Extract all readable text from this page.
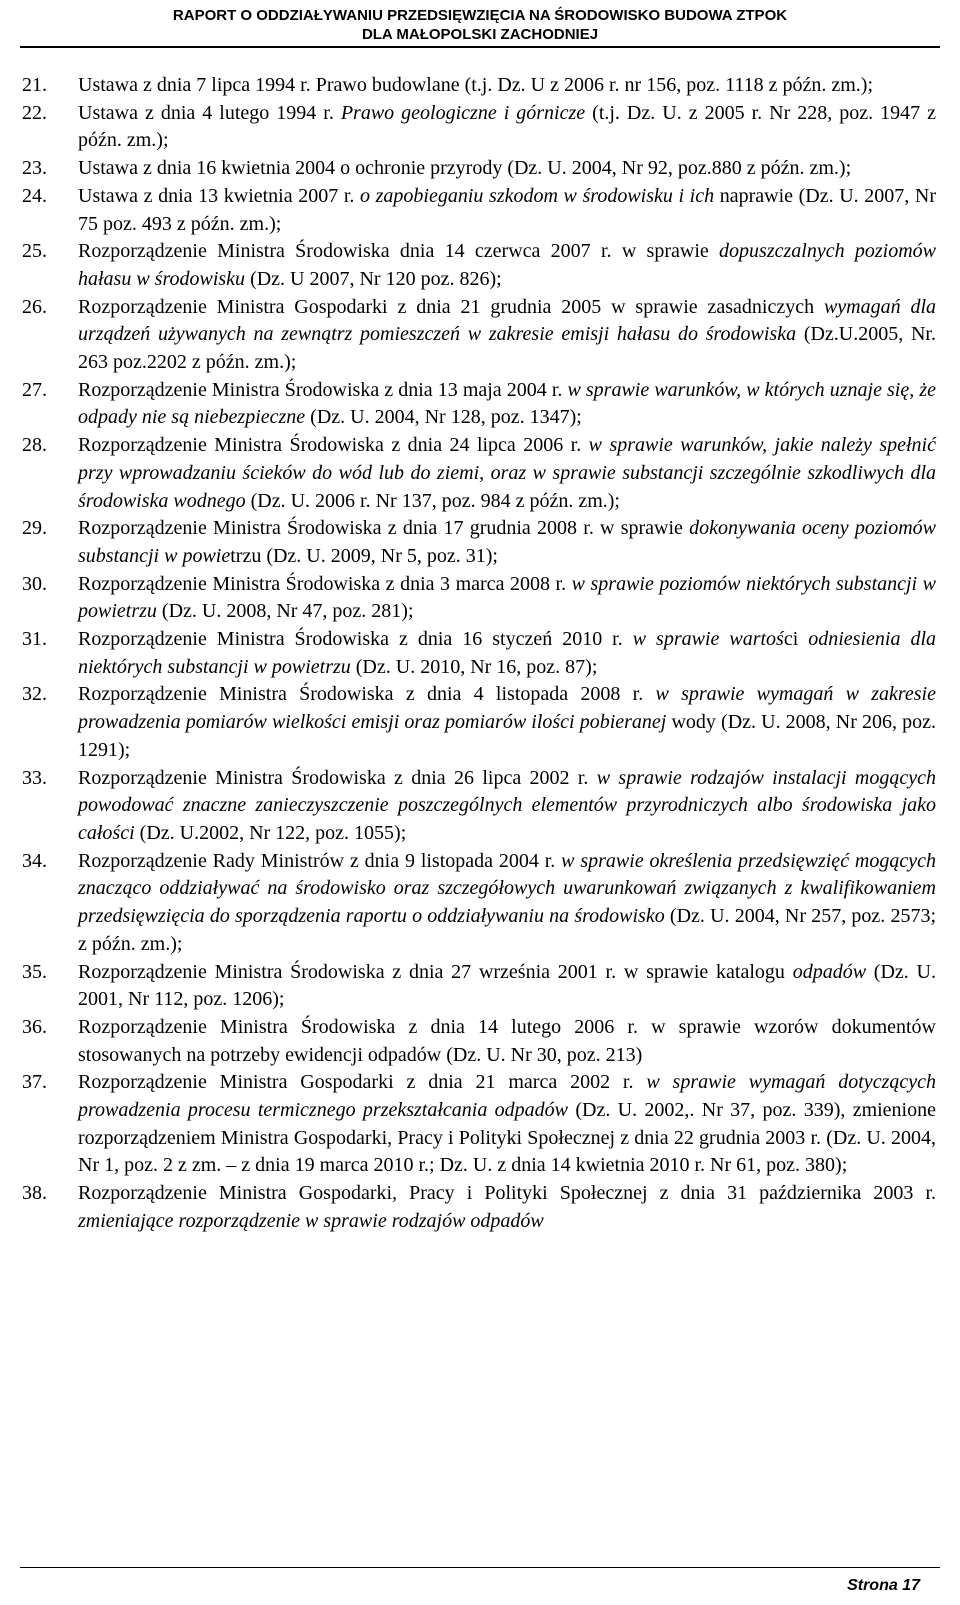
RAPORT O ODDZIAŁYWANIU PRZEDSIĘWZIĘCIA NA ŚRODOWISKO BUDOWA ZTPOK
DLA MAŁOPOLSKI ZACHODNIEJ
21.	Ustawa z dnia 7 lipca 1994 r. Prawo budowlane (t.j. Dz. U z 2006 r. nr 156, poz. 1118 z późn. zm.);
22.	Ustawa z dnia 4 lutego 1994 r. Prawo geologiczne i górnicze (t.j. Dz. U. z 2005 r. Nr 228, poz. 1947 z późn. zm.);
23.	Ustawa z dnia 16 kwietnia 2004 o ochronie przyrody (Dz. U. 2004, Nr 92, poz.880 z późn. zm.);
24.	Ustawa z dnia 13 kwietnia 2007 r. o zapobieganiu szkodom w środowisku i ich naprawie (Dz. U. 2007, Nr 75 poz. 493 z późn. zm.);
25.	Rozporządzenie Ministra Środowiska dnia 14 czerwca 2007 r. w sprawie dopuszczalnych poziomów hałasu w środowisku (Dz. U 2007, Nr 120 poz. 826);
26.	Rozporządzenie Ministra Gospodarki z dnia 21 grudnia 2005 w sprawie zasadniczych wymagań dla urządzeń używanych na zewnątrz pomieszczeń w zakresie emisji hałasu do środowiska (Dz.U.2005, Nr. 263 poz.2202 z późn. zm.);
27.	Rozporządzenie Ministra Środowiska z dnia 13 maja 2004 r. w sprawie warunków, w których uznaje się, że odpady nie są niebezpieczne (Dz. U. 2004, Nr 128, poz. 1347);
28.	Rozporządzenie Ministra Środowiska z dnia 24 lipca 2006 r. w sprawie warunków, jakie należy spełnić przy wprowadzaniu ścieków do wód lub do ziemi, oraz w sprawie substancji szczególnie szkodliwych dla środowiska wodnego (Dz. U. 2006 r. Nr 137, poz. 984 z późn. zm.);
29.	Rozporządzenie Ministra Środowiska z dnia 17 grudnia 2008 r. w sprawie dokonywania oceny poziomów substancji w powietrzu (Dz. U. 2009, Nr 5, poz. 31);
30.	Rozporządzenie Ministra Środowiska z dnia 3 marca 2008 r. w sprawie poziomów niektórych substancji w powietrzu (Dz. U. 2008, Nr 47, poz. 281);
31.	Rozporządzenie Ministra Środowiska z dnia 16 styczeń 2010 r. w sprawie wartości odniesienia dla niektórych substancji w powietrzu (Dz. U. 2010, Nr 16, poz. 87);
32.	Rozporządzenie Ministra Środowiska z dnia 4 listopada 2008 r. w sprawie wymagań w zakresie prowadzenia pomiarów wielkości emisji oraz pomiarów ilości pobieranej wody (Dz. U. 2008, Nr 206, poz. 1291);
33.	Rozporządzenie Ministra Środowiska z dnia 26 lipca 2002 r. w sprawie rodzajów instalacji mogących powodować znaczne zanieczyszczenie poszczególnych elementów przyrodniczych albo środowiska jako całości (Dz. U.2002, Nr 122, poz. 1055);
34.	Rozporządzenie Rady Ministrów z dnia 9 listopada 2004 r. w sprawie określenia przedsięwzięć mogących znacząco oddziaływać na środowisko oraz szczegółowych uwarunkowań związanych z kwalifikowaniem przedsięwzięcia do sporządzenia raportu o oddziaływaniu na środowisko (Dz. U. 2004, Nr 257, poz. 2573; z późn. zm.);
35.	Rozporządzenie Ministra Środowiska z dnia 27 września 2001 r. w sprawie katalogu odpadów (Dz. U. 2001, Nr 112, poz. 1206);
36.	Rozporządzenie Ministra Środowiska z dnia 14 lutego 2006 r. w sprawie wzorów dokumentów stosowanych na potrzeby ewidencji odpadów (Dz. U. Nr 30, poz. 213)
37.	Rozporządzenie Ministra Gospodarki z dnia 21 marca 2002 r. w sprawie wymagań dotyczących prowadzenia procesu termicznego przekształcania odpadów (Dz. U. 2002,. Nr 37, poz. 339), zmienione rozporządzeniem Ministra Gospodarki, Pracy i Polityki Społecznej z dnia 22 grudnia 2003 r. (Dz. U. 2004, Nr 1, poz. 2 z zm. – z dnia 19 marca 2010 r.; Dz. U. z dnia 14 kwietnia 2010 r. Nr 61, poz. 380);
38.	Rozporządzenie Ministra Gospodarki, Pracy i Polityki Społecznej z dnia 31 października 2003 r. zmieniające rozporządzenie w sprawie rodzajów odpadów
Strona 17
